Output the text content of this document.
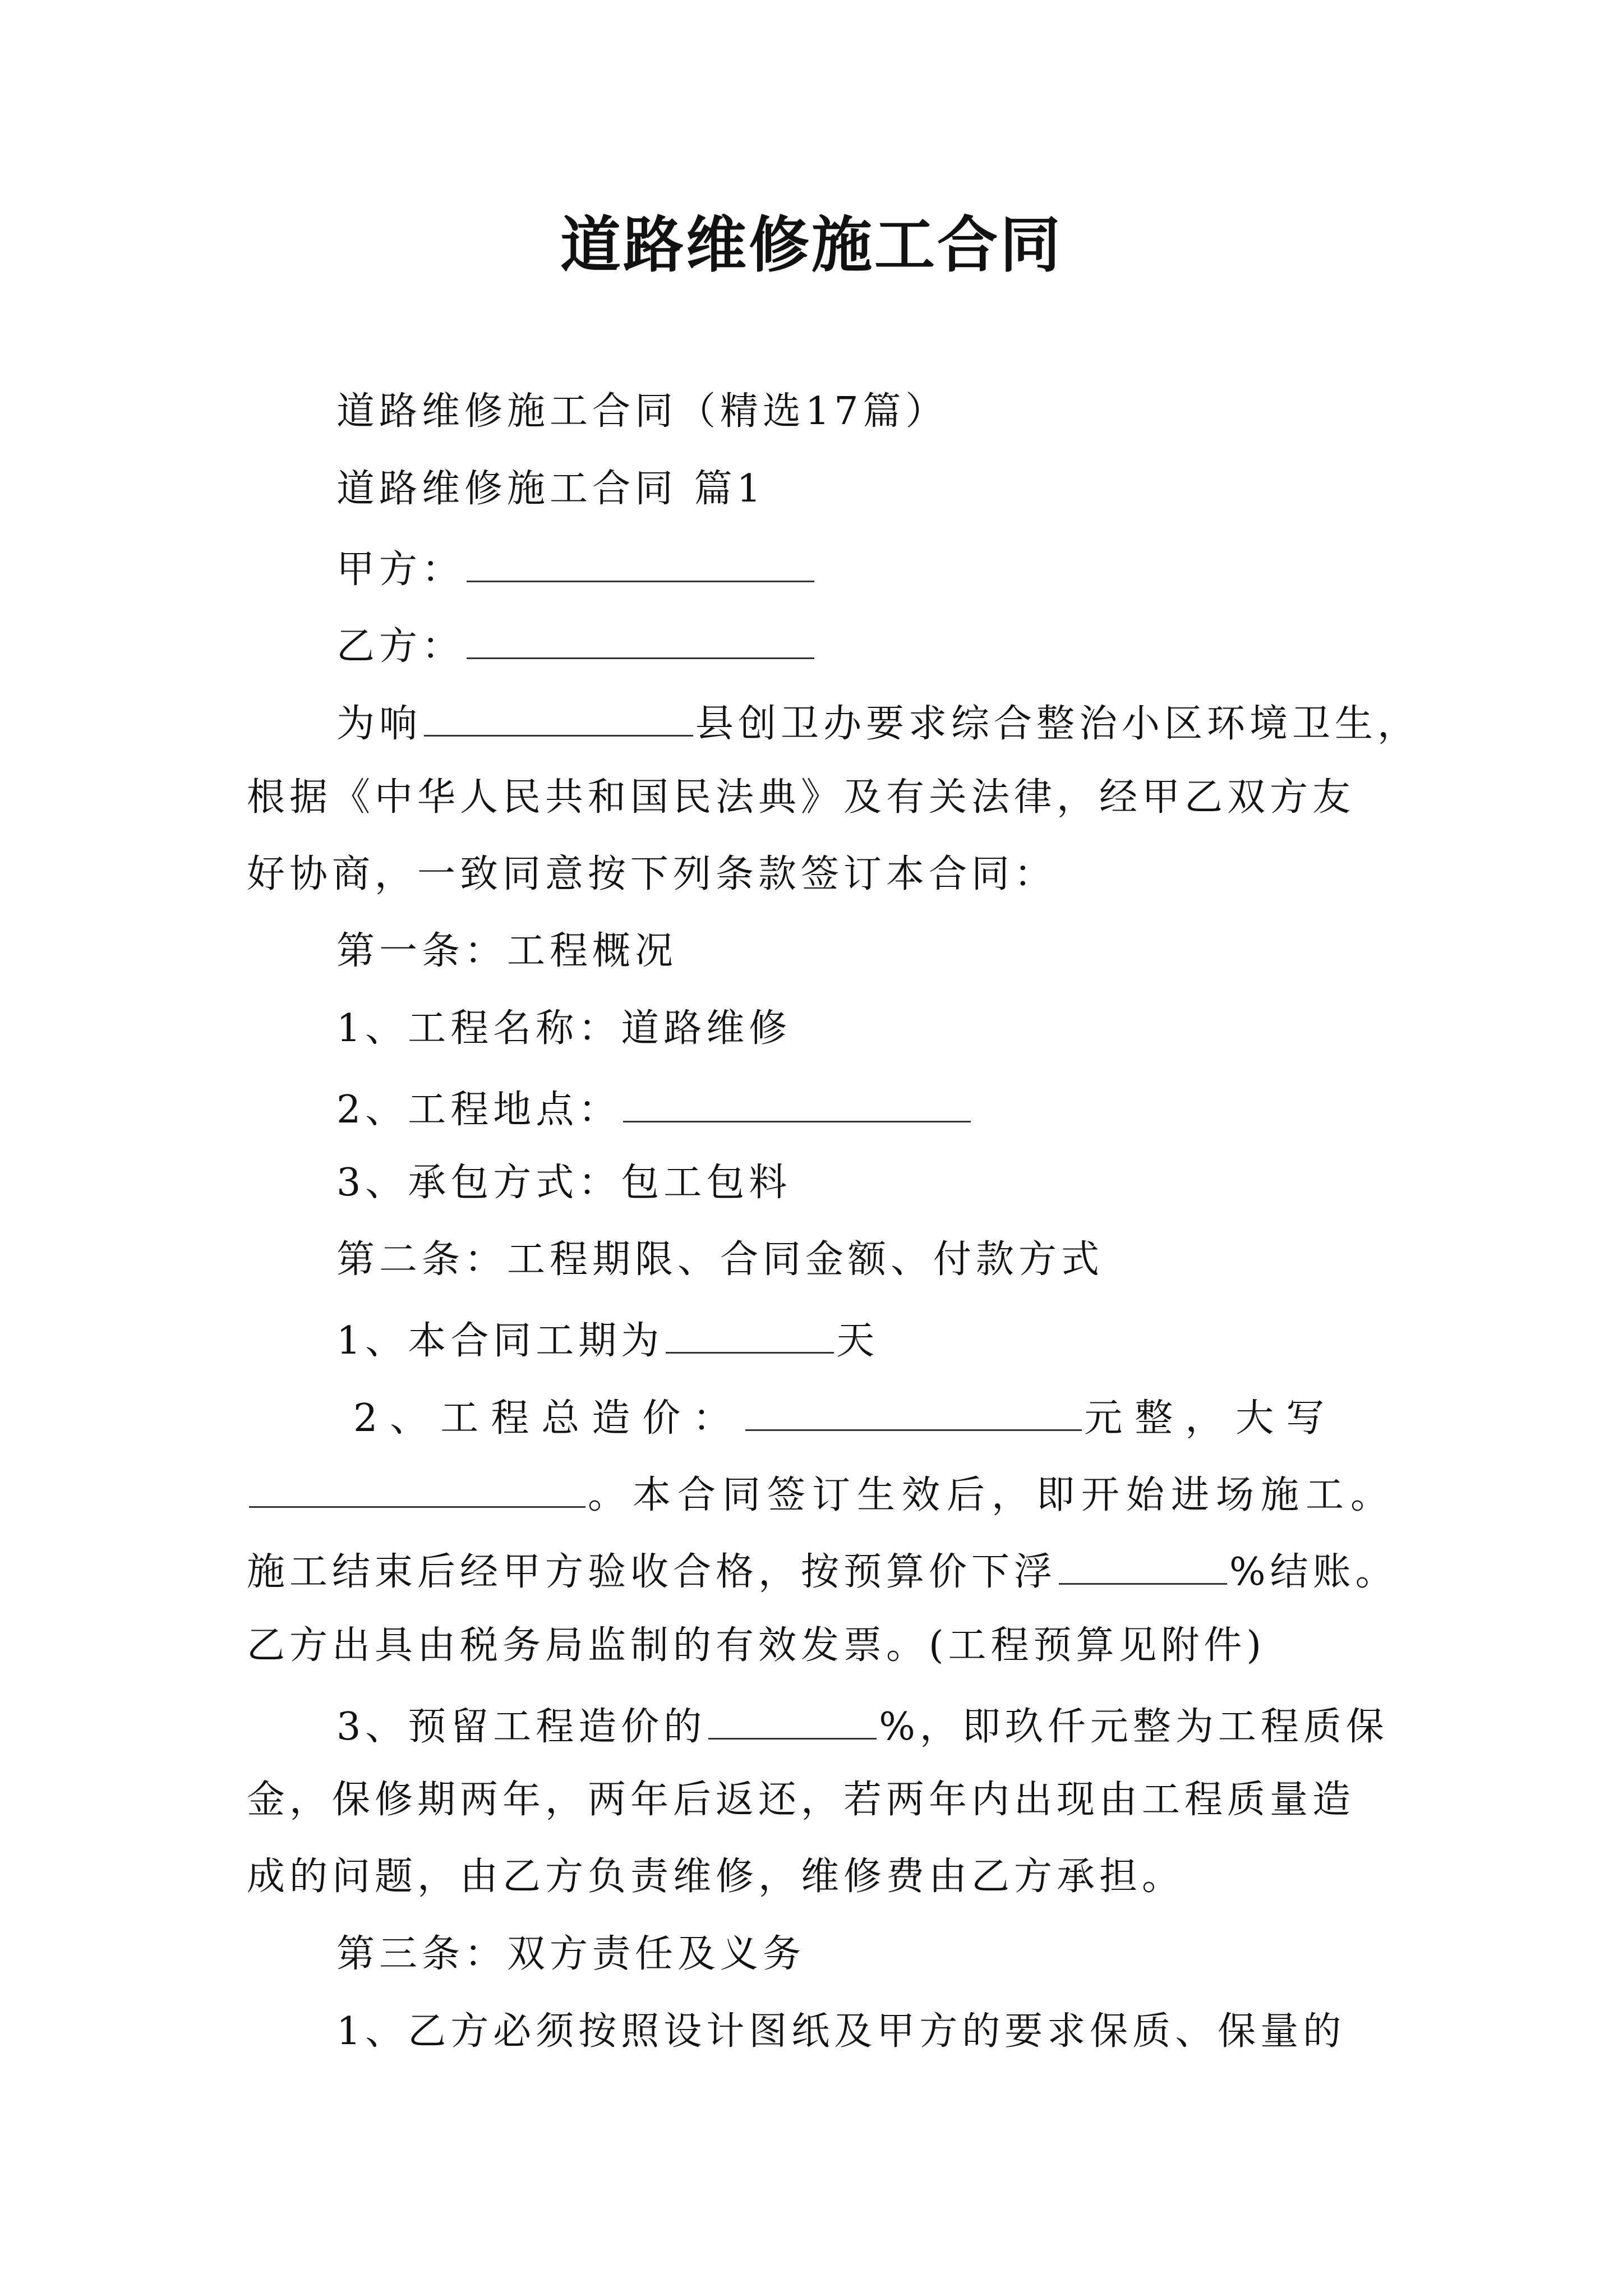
道路维修施工合同
道路维修施工合同（精选17篇）
道路维修施工合同 篇1
甲方：
乙方：
为响	县创卫办要求综合整治小区环境卫生，
根据《中华人民共和国民法典》及有关法律，经甲乙双方友
好协商，一致同意按下列条款签订本合同：
第一条：工程概况
1、工程名称：道路维修
2、工程地点：
3、承包方式：包工包料
第二条：工程期限、合同金额、付款方式
1、本合同工期为	天
2、工程总造价：	元整，大写
。本合同签订生效后，即开始进场施工。
施工结束后经甲方验收合格，按预算价下浮	%结账。
乙方出具由税务局监制的有效发票。(工程预算见附件)
3、预留工程造价的	%，即玖仟元整为工程质保
金，保修期两年，两年后返还，若两年内出现由工程质量造
成的问题，由乙方负责维修，维修费由乙方承担。
第三条：双方责任及义务
1、乙方必须按照设计图纸及甲方的要求保质、保量的
